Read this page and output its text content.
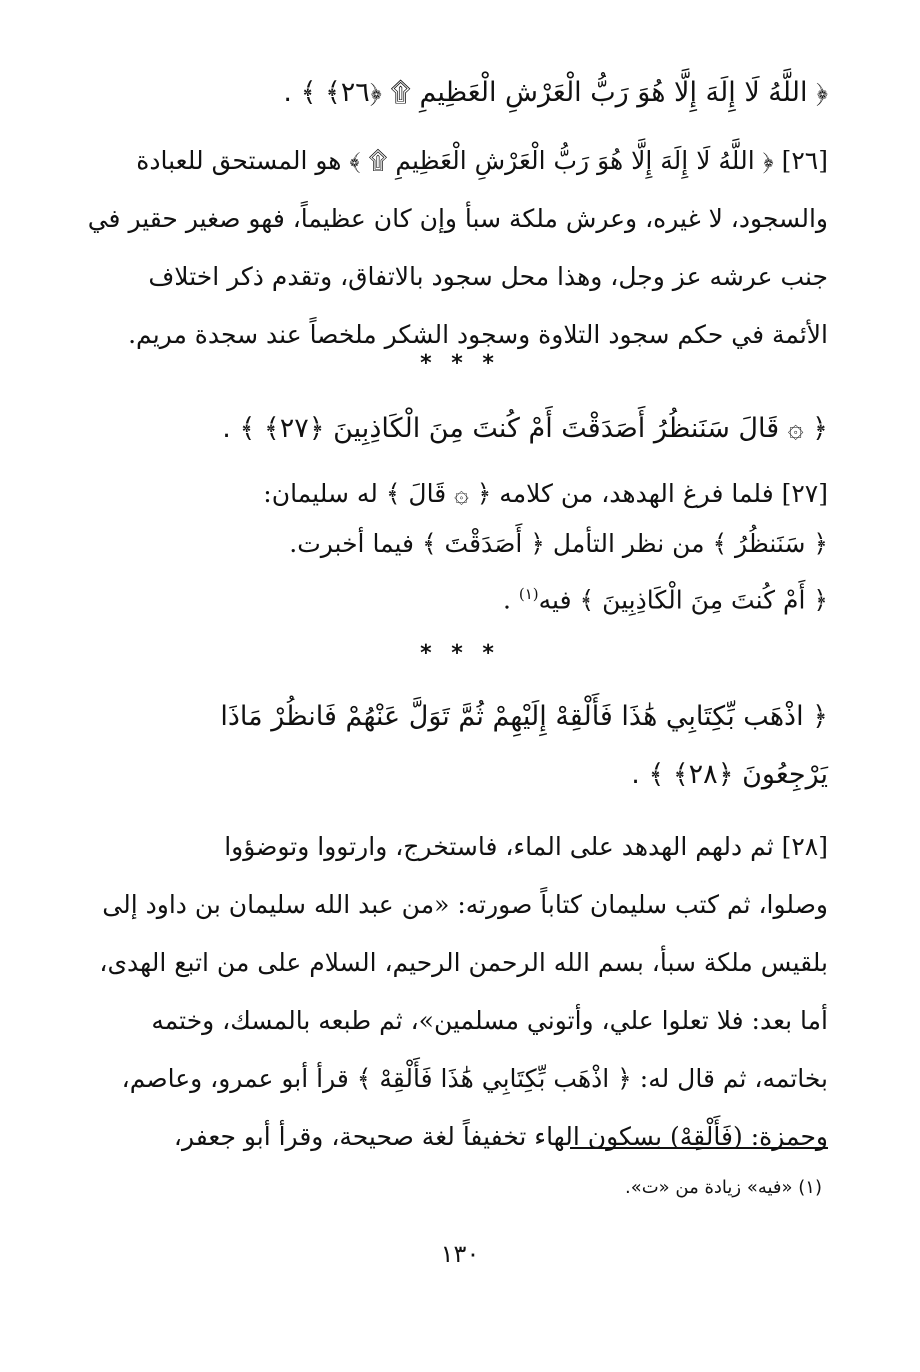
﴿ اللَّهُ لَا إِلَهَ إِلَّا هُوَ رَبُّ الْعَرْشِ الْعَظِيمِ ۩ ﴿٢٦﴾ ﴾ .
[٢٦] ﴿ اللَّهُ لَا إِلَهَ إِلَّا هُوَ رَبُّ الْعَرْشِ الْعَظِيمِ ۩ ﴾ هو المستحق للعبادة
والسجود، لا غيره، وعرش ملكة سبأ وإن كان عظيماً، فهو صغير حقير في
جنب عرشه عز وجل، وهذا محل سجود بالاتفاق، وتقدم ذكر اختلاف
الأئمة في حكم سجود التلاوة وسجود الشكر ملخصاً عند سجدة مريم.
* * *
﴿ ۞ قَالَ سَنَنظُرُ أَصَدَقْتَ أَمْ كُنتَ مِنَ الْكَاذِبِينَ ﴿٢٧﴾ ﴾ .
[٢٧] فلما فرغ الهدهد، من كلامه ﴿ ۞ قَالَ ﴾ له سليمان:
﴿ سَنَنظُرُ ﴾ من نظر التأمل ﴿ أَصَدَقْتَ ﴾ فيما أخبرت.
﴿ أَمْ كُنتَ مِنَ الْكَاذِبِينَ ﴾ فيه$^{(١)}$ .
* * *
﴿ اذْهَب بِّكِتَابِي هَٰذَا فَأَلْقِهْ إِلَيْهِمْ ثُمَّ تَوَلَّ عَنْهُمْ فَانظُرْ مَاذَا
يَرْجِعُونَ ﴿٢٨﴾ ﴾ .
[٢٨] ثم دلهم الهدهد على الماء، فاستخرج، وارتووا وتوضؤوا
وصلوا، ثم كتب سليمان كتاباً صورته: «من عبد الله سليمان بن داود إلى
بلقيس ملكة سبأ، بسم الله الرحمن الرحيم، السلام على من اتبع الهدى،
أما بعد: فلا تعلوا علي، وأتوني مسلمين»، ثم طبعه بالمسك، وختمه
بخاتمه، ثم قال له: ﴿ اذْهَب بِّكِتَابِي هَٰذَا فَأَلْقِهْ ﴾ قرأ أبو عمرو، وعاصم،
وحمزة: (فَأَلْقِهْ) بسكون الهاء تخفيفاً لغة صحيحة، وقرأ أبو جعفر،
(١) «فيه» زيادة من «ت».
١٣٠
